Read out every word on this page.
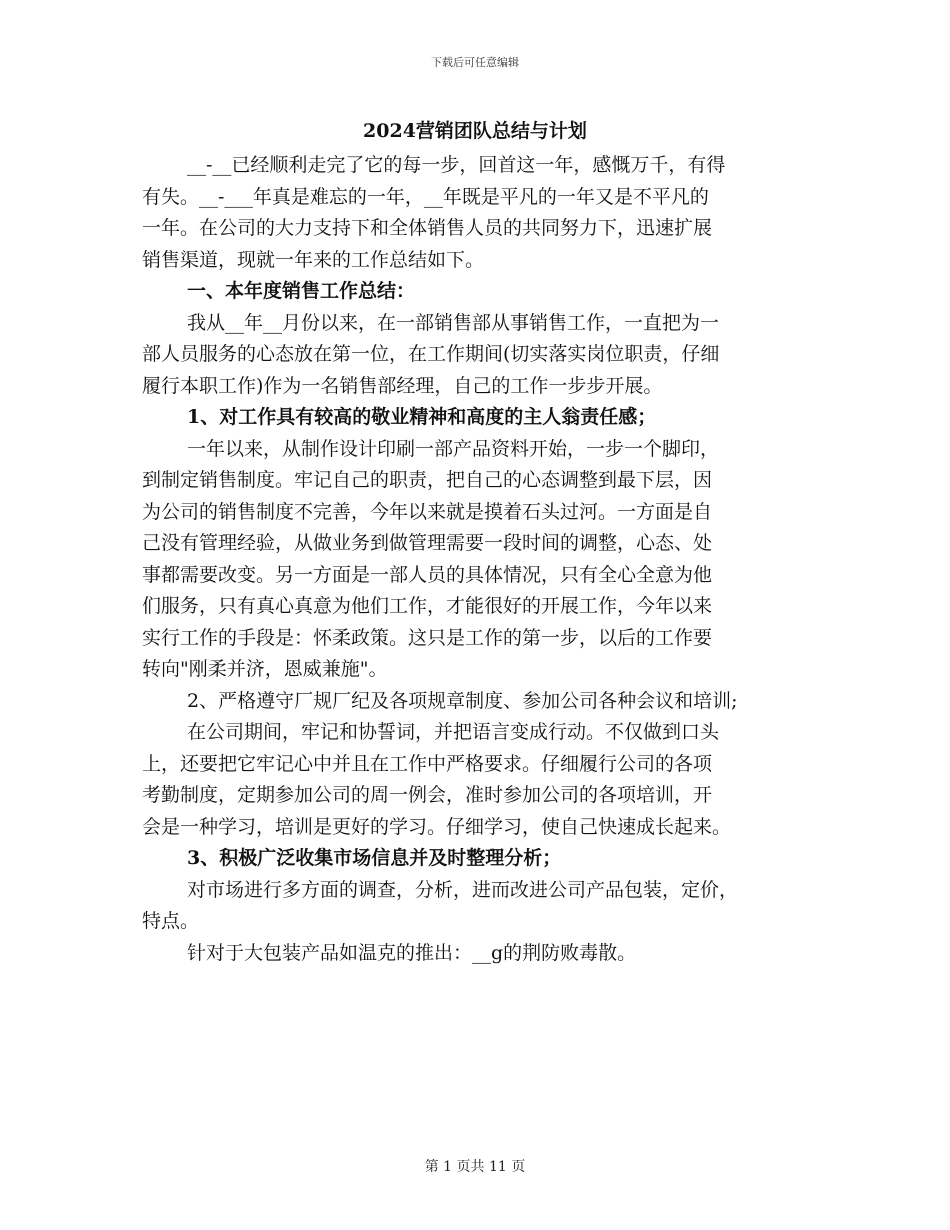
下载后可任意编辑
2024营销团队总结与计划
__-__已经顺利走完了它的每一步，回首这一年，感慨万千，有得
有失。__-___年真是难忘的一年，__年既是平凡的一年又是不平凡的
一年。在公司的大力支持下和全体销售人员的共同努力下，迅速扩展
销售渠道，现就一年来的工作总结如下。
一、本年度销售工作总结：
我从__年__月份以来，在一部销售部从事销售工作，一直把为一
部人员服务的心态放在第一位，在工作期间(切实落实岗位职责，仔细
履行本职工作)作为一名销售部经理，自己的工作一步步开展。
1、对工作具有较高的敬业精神和高度的主人翁责任感；
一年以来，从制作设计印刷一部产品资料开始，一步一个脚印，
到制定销售制度。牢记自己的职责，把自己的心态调整到最下层，因
为公司的销售制度不完善，今年以来就是摸着石头过河。一方面是自
己没有管理经验，从做业务到做管理需要一段时间的调整，心态、处
事都需要改变。另一方面是一部人员的具体情况，只有全心全意为他
们服务，只有真心真意为他们工作，才能很好的开展工作，今年以来
实行工作的手段是：怀柔政策。这只是工作的第一步，以后的工作要
转向"刚柔并济，恩威兼施"。
2、严格遵守厂规厂纪及各项规章制度、参加公司各种会议和培训;
在公司期间，牢记和协誓词，并把语言变成行动。不仅做到口头
上，还要把它牢记心中并且在工作中严格要求。仔细履行公司的各项
考勤制度，定期参加公司的周一例会，准时参加公司的各项培训，开
会是一种学习，培训是更好的学习。仔细学习，使自己快速成长起来。
3、积极广泛收集市场信息并及时整理分析；
对市场进行多方面的调查，分析，进而改进公司产品包装，定价，
特点。
针对于大包装产品如温克的推出：__g的荆防败毒散。
第 1 页共 11 页
